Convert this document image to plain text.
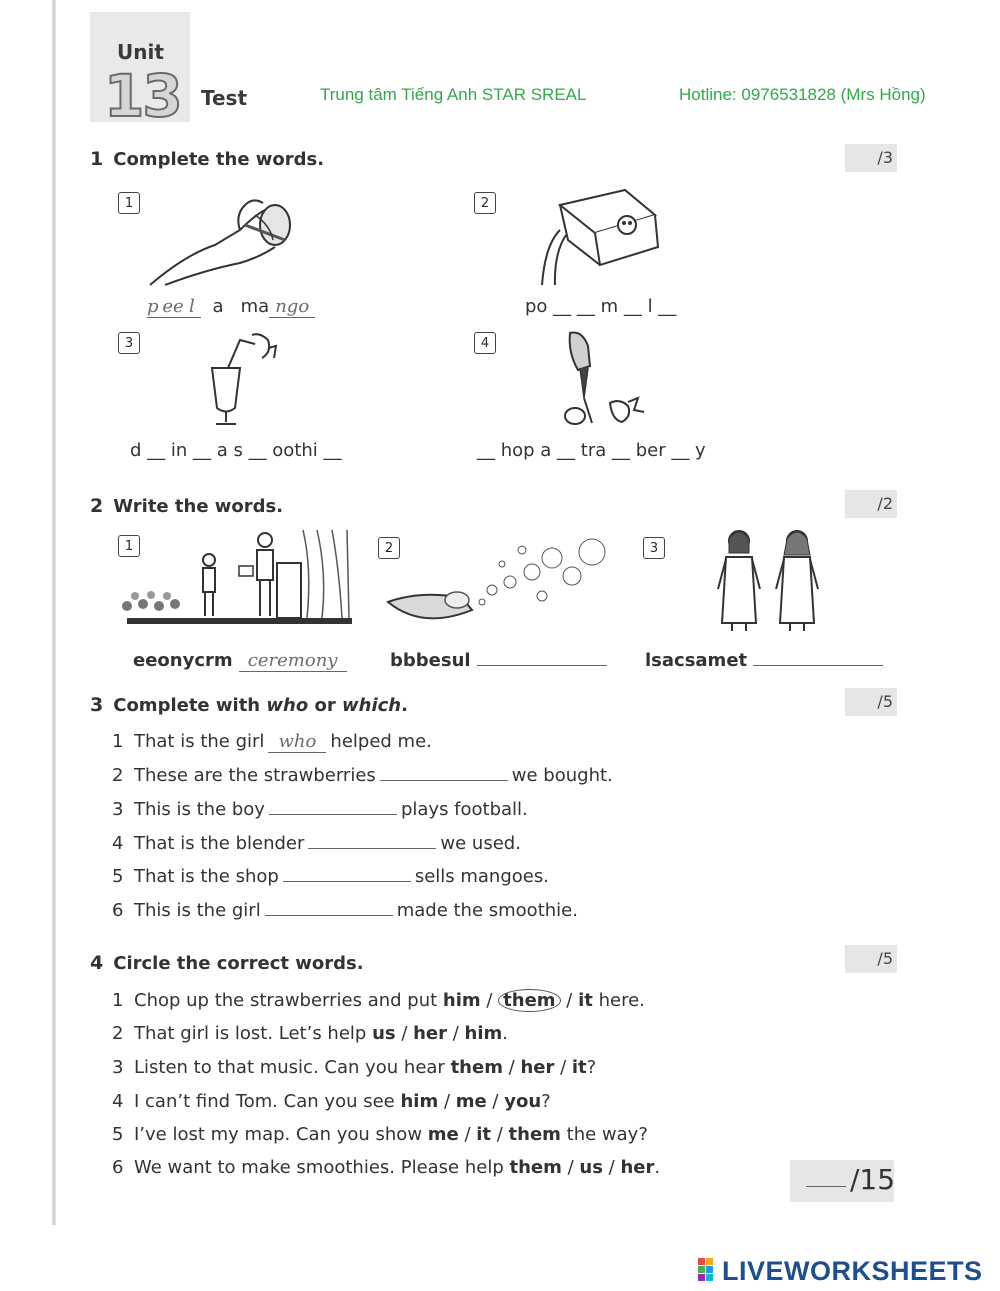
Unit
13 Test	Trung tâm Tiếng Anh STAR SREAL	Hotline: 0976531828 (Mrs Hồng)
1 Complete the words.	/3
1
p ee l  a   ma ngo
2
po __ __ m __ l __
3
d __ in __ a s __ oothi __
4
__ hop a __ tra __ ber __ y
2 Write the words.	/2
1
eeonycrm ceremony
2
bbbesul
3
lsacsamet
3 Complete with who or which.	/5
1 That is the girl who helped me.
2 These are the strawberries	we bought.
3 This is the boy	plays football.
4 That is the blender	we used.
5 That is the shop	sells mangoes.
6 This is the girl	made the smoothie.
4 Circle the correct words.	/5
1 Chop up the strawberries and put him / them / it here.
2 That girl is lost. Let’s help us / her / him.
3 Listen to that music. Can you hear them / her / it?
4 I can’t find Tom. Can you see him / me / you?
5 I’ve lost my map. Can you show me / it / them the way?
6 We want to make smoothies. Please help them / us / her.	/15
LIVEWORKSHEETS
